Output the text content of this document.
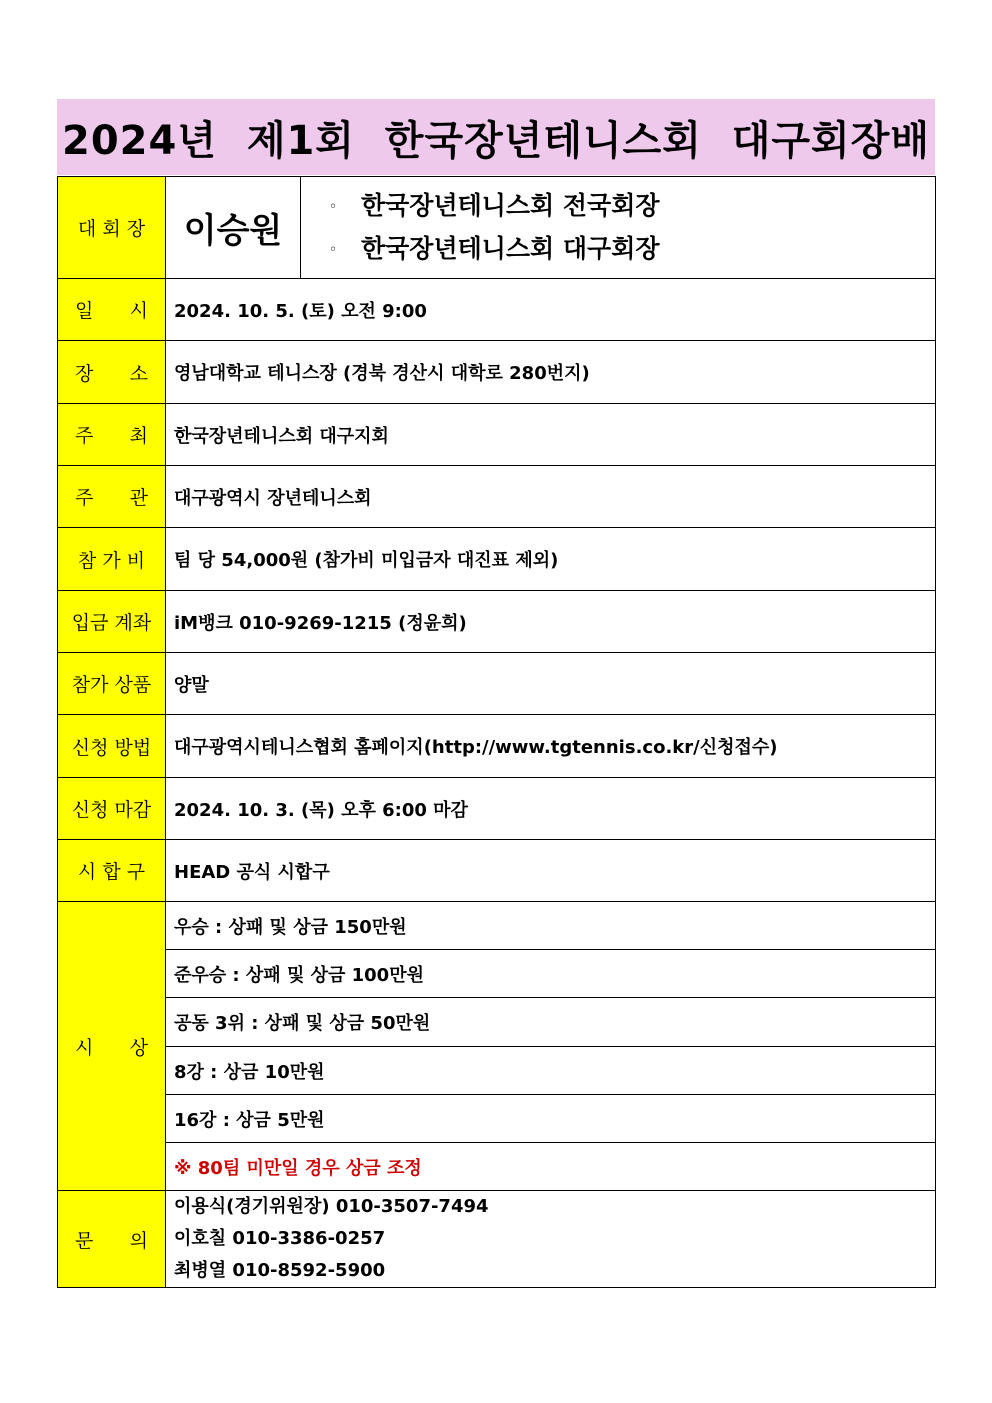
2024년  제1회  한국장년테니스회  대구회장배
대 회 장	이승원	◦ 한국장년테니스회 전국회장
◦ 한국장년테니스회 대구회장

일      시	2024. 10. 5. (토) 오전 9:00	
장      소	영남대학교 테니스장 (경북 경산시 대학로 280번지)	
주      최	한국장년테니스회 대구지회	
주      관	대구광역시 장년테니스회	
참 가 비	팀 당 54,000원 (참가비 미입금자 대진표 제외)	
입금 계좌	iM뱅크 010-9269-1215 (정윤희)	
참가 상품	양말	
신청 방법	대구광역시테니스협회 홈페이지(http://www.tgtennis.co.kr/신청접수)	
신청 마감	2024. 10. 3. (목) 오후 6:00 마감	
시 합 구	HEAD 공식 시합구	
시      상	우승 : 상패 및 상금 150만원	
	준우승 : 상패 및 상금 100만원	
	공동 3위 : 상패 및 상금 50만원	
	8강 : 상금 10만원	
	16강 : 상금 5만원	
	※ 80팀 미만일 경우 상금 조정	
문      의	이용식(경기위원장) 010-3507-7494
이호칠 010-3386-0257
최병열 010-8592-5900	
